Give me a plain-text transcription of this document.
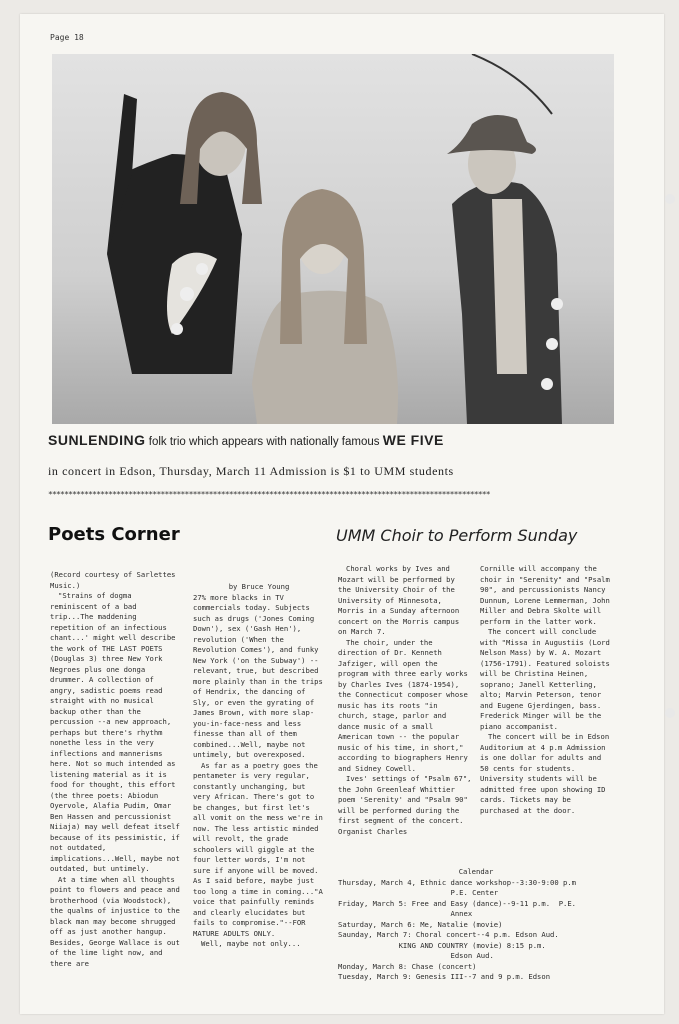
Page 18
SUNLENDING folk trio which appears with nationally famous WE FIVE
in concert in Edson, Thursday, March 11 Admission is $1 to UMM students
**************************************************************************************************************
Poets Corner	UMM Choir to Perform Sunday

(Record courtesy of Sarlettes Music.)

"Strains of dogma reminiscent of a bad trip...The maddening repetition of an infectious chant...' might well describe the work of THE LAST POETS (Douglas 3) three New York Negroes plus one donga drummer. A collection of angry, sadistic poems read straight with no musical backup other than the percussion --a new approach, perhaps but there's rhythm nonethe less in the very inflections and mannerisms here. Not so much intended as listening material as it is food for thought, this effort (the three poets: Abiodun Oyervole, Alafia Pudim, Omar Ben Hassen and percussionist Niiaja) may well defeat itself because of its pessimistic, if not outdated, implications...Well, maybe not outdated, but untimely.

At a time when all thoughts point to flowers and peace and brotherhood (via Woodstock), the qualms of injustice to the black man may become shrugged off as just another hangup. Besides, George Wallace is out of the lime light now, and there are

by Bruce Young

27% more blacks in TV commercials today. Subjects such as drugs ('Jones Coming Down'), sex ('Gash Hen'), revolution ('When the Revolution Comes'), and funky New York ('on the Subway') -- relevant, true, but described more plainly than in the trips of Hendrix, the dancing of Sly, or even the gyrating of James Brown, with more slap-you-in-face-ness and less finesse than all of them combined...Well, maybe not untimely, but overexposed.

As far as a poetry goes the pentameter is very regular, constantly unchanging, but very African. There's got to be changes, but first let's all vomit on the mess we're in now. The less artistic minded will revolt, the grade schoolers will giggle at the four letter words, I'm not sure if anyone will be moved. As I said before, maybe just too long a time in coming..."A voice that painfully reminds and clearly elucidates but fails to compromise."--FOR MATURE ADULTS ONLY.

Well, maybe not only...

Choral works by Ives and Mozart will be performed by the University Choir of the University of Minnesota, Morris in a Sunday afternoon concert on the Morris campus on March 7.

The choir, under the direction of Dr. Kenneth Jafziger, will open the program with three early works by Charles Ives (1874-1954), the Connecticut composer whose music has its roots "in church, stage, parlor and dance music of a small American town -- the popular music of his time, in short," according to biographers Henry and Sidney Cowell.

Ives' settings of "Psalm 67", the John Greenleaf Whittier poem 'Serenity' and "Psalm 90" will be performed during the first segment of the concert. Organist Charles

Cornille will accompany the choir in "Serenity" and "Psalm 90", and percussionists Nancy Dunnum, Lorene Lemmerman, John Miller and Debra Skolte will perform in the latter work.

The concert will conclude with "Missa in Augustiis (Lord Nelson Mass) by W. A. Mozart (1756-1791). Featured soloists will be Christina Heinen, soprano; Janell Ketterling, alto; Marvin Peterson, tenor and Eugene Gjerdingen, bass. Frederick Minger will be the piano accompanist.

The concert will be in Edson Auditorium at 4 p.m Admission is one dollar for adults and 50 cents for students. University students will be admitted free upon showing ID cards. Tickets may be purchased at the door.

Calendar
Thursday, March 4, Ethnic dance workshop--3:30-9:00 p.m
P.E. Center
Friday, March 5: Free and Easy (dance)--9-11 p.m.  P.E.
Annex
Saturday, March 6: Me, Natalie (movie)
Saunday, March 7: Choral concert--4 p.m. Edson Aud.
KING AND COUNTRY (movie) 8:15 p.m.
Edson Aud.
Monday, March 8: Chase (concert)
Tuesday, March 9: Genesis III--7 and 9 p.m. Edson
